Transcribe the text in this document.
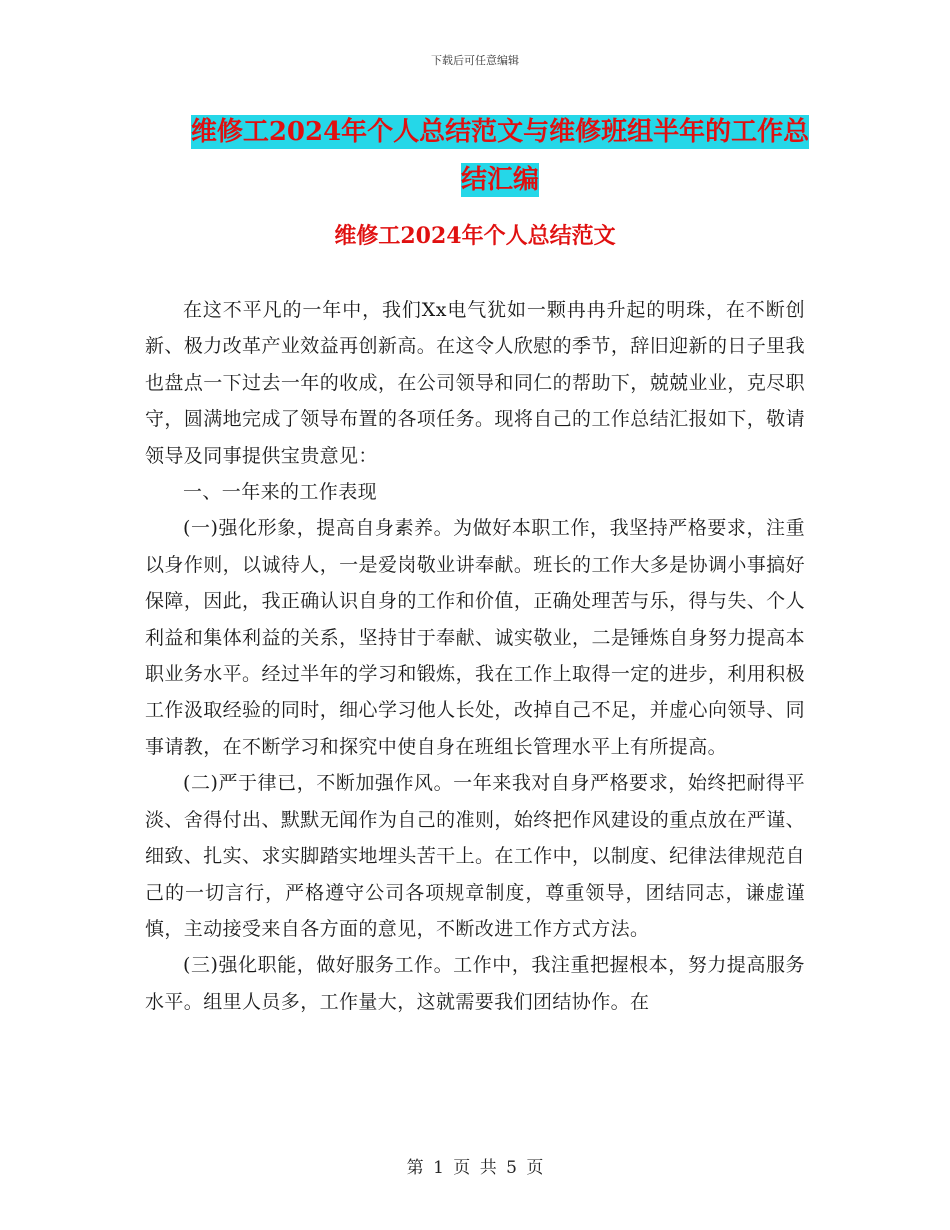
下载后可任意编辑
维修工2024年个人总结范文与维修班组半年的工作总
结汇编
维修工2024年个人总结范文

在这不平凡的一年中，我们Xx电气犹如一颗冉冉升起的明珠，在不断创新、极力改革产业效益再创新高。在这令人欣慰的季节，辞旧迎新的日子里我也盘点一下过去一年的收成，在公司领导和同仁的帮助下，兢兢业业，克尽职守，圆满地完成了领导布置的各项任务。现将自己的工作总结汇报如下，敬请领导及同事提供宝贵意见：

一、一年来的工作表现

(一)强化形象，提高自身素养。为做好本职工作，我坚持严格要求，注重以身作则，以诚待人，一是爱岗敬业讲奉献。班长的工作大多是协调小事搞好保障，因此，我正确认识自身的工作和价值，正确处理苦与乐，得与失、个人利益和集体利益的关系，坚持甘于奉献、诚实敬业，二是锤炼自身努力提高本职业务水平。经过半年的学习和锻炼，我在工作上取得一定的进步，利用积极工作汲取经验的同时，细心学习他人长处，改掉自己不足，并虚心向领导、同事请教，在不断学习和探究中使自身在班组长管理水平上有所提高。

(二)严于律已，不断加强作风。一年来我对自身严格要求，始终把耐得平淡、舍得付出、默默无闻作为自己的准则，始终把作风建设的重点放在严谨、细致、扎实、求实脚踏实地埋头苦干上。在工作中，以制度、纪律法律规范自己的一切言行，严格遵守公司各项规章制度，尊重领导，团结同志，谦虚谨慎，主动接受来自各方面的意见，不断改进工作方式方法。

(三)强化职能，做好服务工作。工作中，我注重把握根本，努力提高服务水平。组里人员多，工作量大，这就需要我们团结协作。在

第 1 页 共 5 页
